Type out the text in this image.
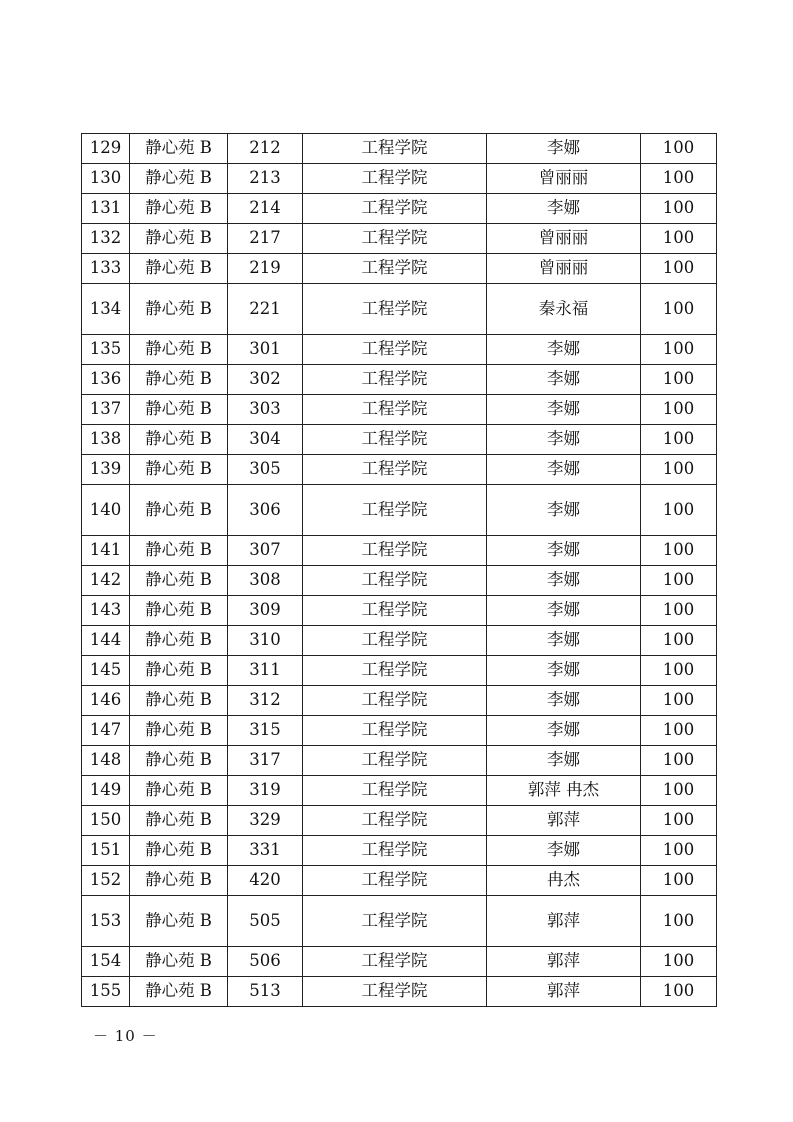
129	静心苑 B	212	工程学院	李娜	100
130	静心苑 B	213	工程学院	曾丽丽	100
131	静心苑 B	214	工程学院	李娜	100
132	静心苑 B	217	工程学院	曾丽丽	100
133	静心苑 B	219	工程学院	曾丽丽	100
134	静心苑 B	221	工程学院	秦永福	100
135	静心苑 B	301	工程学院	李娜	100
136	静心苑 B	302	工程学院	李娜	100
137	静心苑 B	303	工程学院	李娜	100
138	静心苑 B	304	工程学院	李娜	100
139	静心苑 B	305	工程学院	李娜	100
140	静心苑 B	306	工程学院	李娜	100
141	静心苑 B	307	工程学院	李娜	100
142	静心苑 B	308	工程学院	李娜	100
143	静心苑 B	309	工程学院	李娜	100
144	静心苑 B	310	工程学院	李娜	100
145	静心苑 B	311	工程学院	李娜	100
146	静心苑 B	312	工程学院	李娜	100
147	静心苑 B	315	工程学院	李娜	100
148	静心苑 B	317	工程学院	李娜	100
149	静心苑 B	319	工程学院	郭萍 冉杰	100
150	静心苑 B	329	工程学院	郭萍	100
151	静心苑 B	331	工程学院	李娜	100
152	静心苑 B	420	工程学院	冉杰	100
153	静心苑 B	505	工程学院	郭萍	100
154	静心苑 B	506	工程学院	郭萍	100
155	静心苑 B	513	工程学院	郭萍	100
－ 10 －
